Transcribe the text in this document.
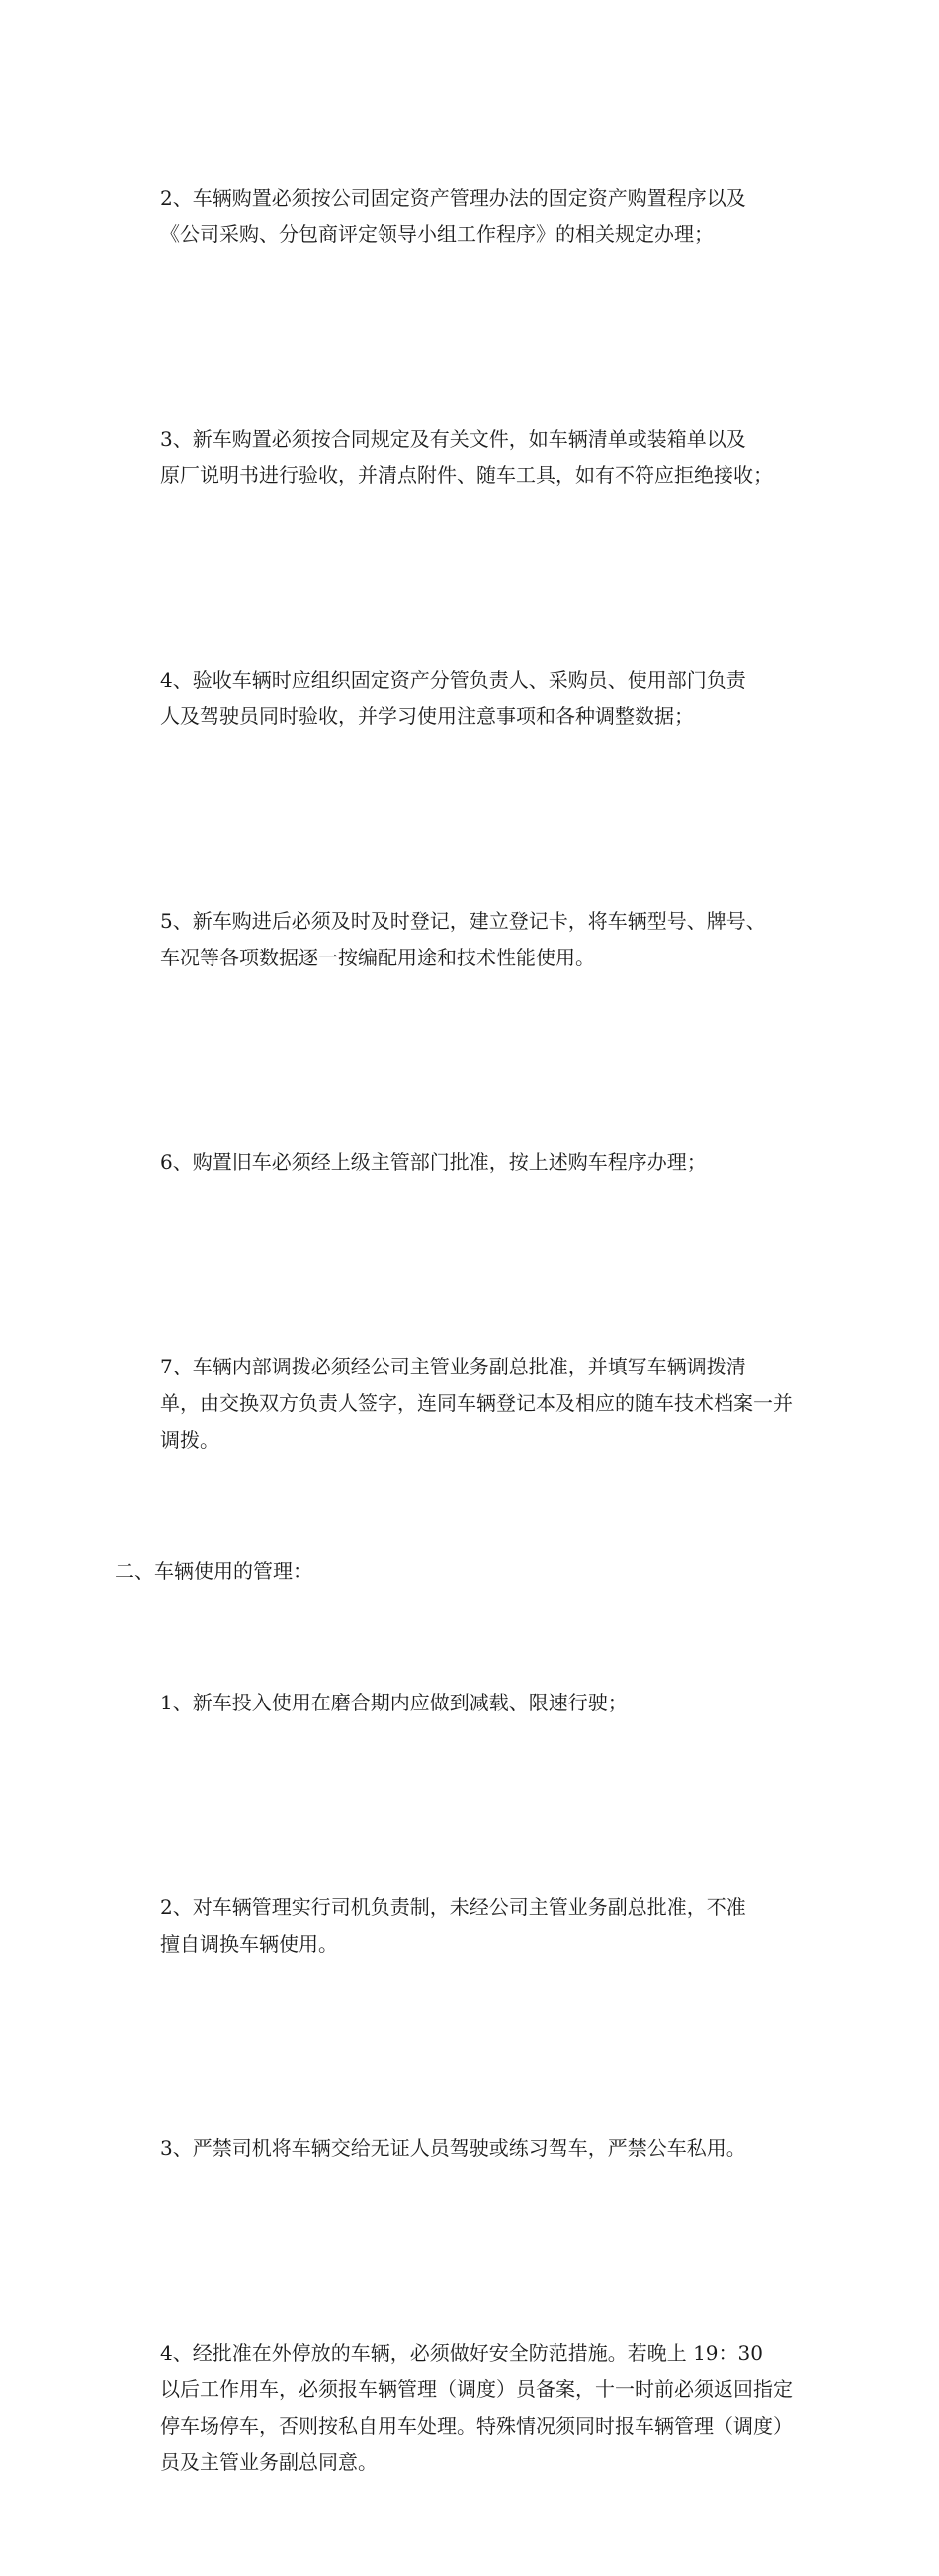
2、车辆购置必须按公司固定资产管理办法的固定资产购置程序以及
《公司采购、分包商评定领导小组工作程序》的相关规定办理；

3、新车购置必须按合同规定及有关文件，如车辆清单或装箱单以及
原厂说明书进行验收，并清点附件、随车工具，如有不符应拒绝接收；

4、验收车辆时应组织固定资产分管负责人、采购员、使用部门负责
人及驾驶员同时验收，并学习使用注意事项和各种调整数据；

5、新车购进后必须及时及时登记，建立登记卡，将车辆型号、牌号、
车况等各项数据逐一按编配用途和技术性能使用。

6、购置旧车必须经上级主管部门批准，按上述购车程序办理；

7、车辆内部调拨必须经公司主管业务副总批准，并填写车辆调拨清
单，由交换双方负责人签字，连同车辆登记本及相应的随车技术档案一并
调拨。

二、车辆使用的管理：

1、新车投入使用在磨合期内应做到减载、限速行驶；

2、对车辆管理实行司机负责制，未经公司主管业务副总批准，不准
擅自调换车辆使用。

3、严禁司机将车辆交给无证人员驾驶或练习驾车，严禁公车私用。

4、经批准在外停放的车辆，必须做好安全防范措施。若晚上 19：30
以后工作用车，必须报车辆管理（调度）员备案，十一时前必须返回指定
停车场停车，否则按私自用车处理。特殊情况须同时报车辆管理（调度）
员及主管业务副总同意。
